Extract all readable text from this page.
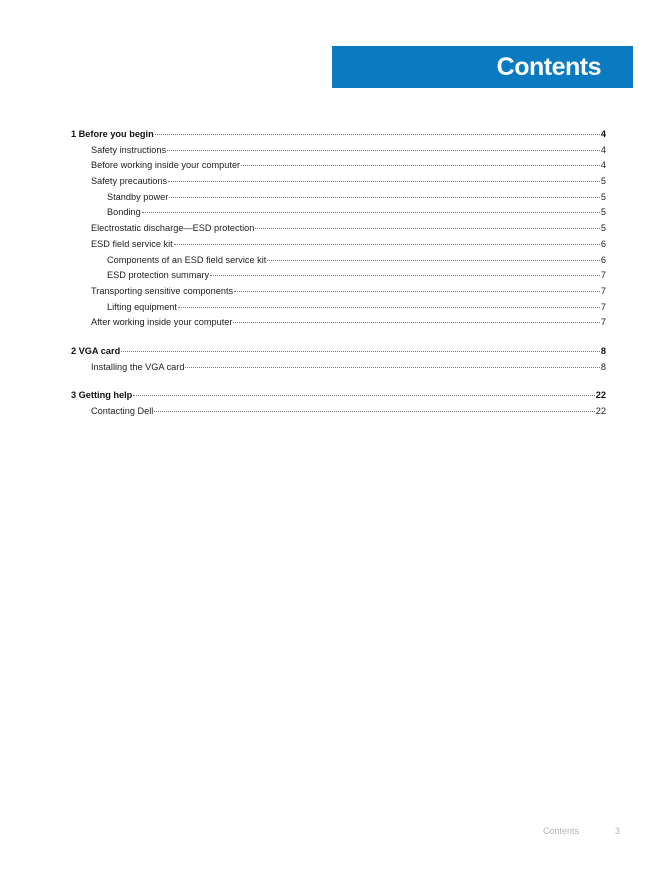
Contents
1 Before you begin	4
Safety instructions	4
Before working inside your computer	4
Safety precautions	5
Standby power	5
Bonding	5
Electrostatic discharge—ESD protection	5
ESD field service kit	6
Components of an ESD field service kit	6
ESD protection summary	7
Transporting sensitive components	7
Lifting equipment	7
After working inside your computer	7
2 VGA card	8
Installing the VGA card	8
3 Getting help	22
Contacting Dell	22
Contents	3
